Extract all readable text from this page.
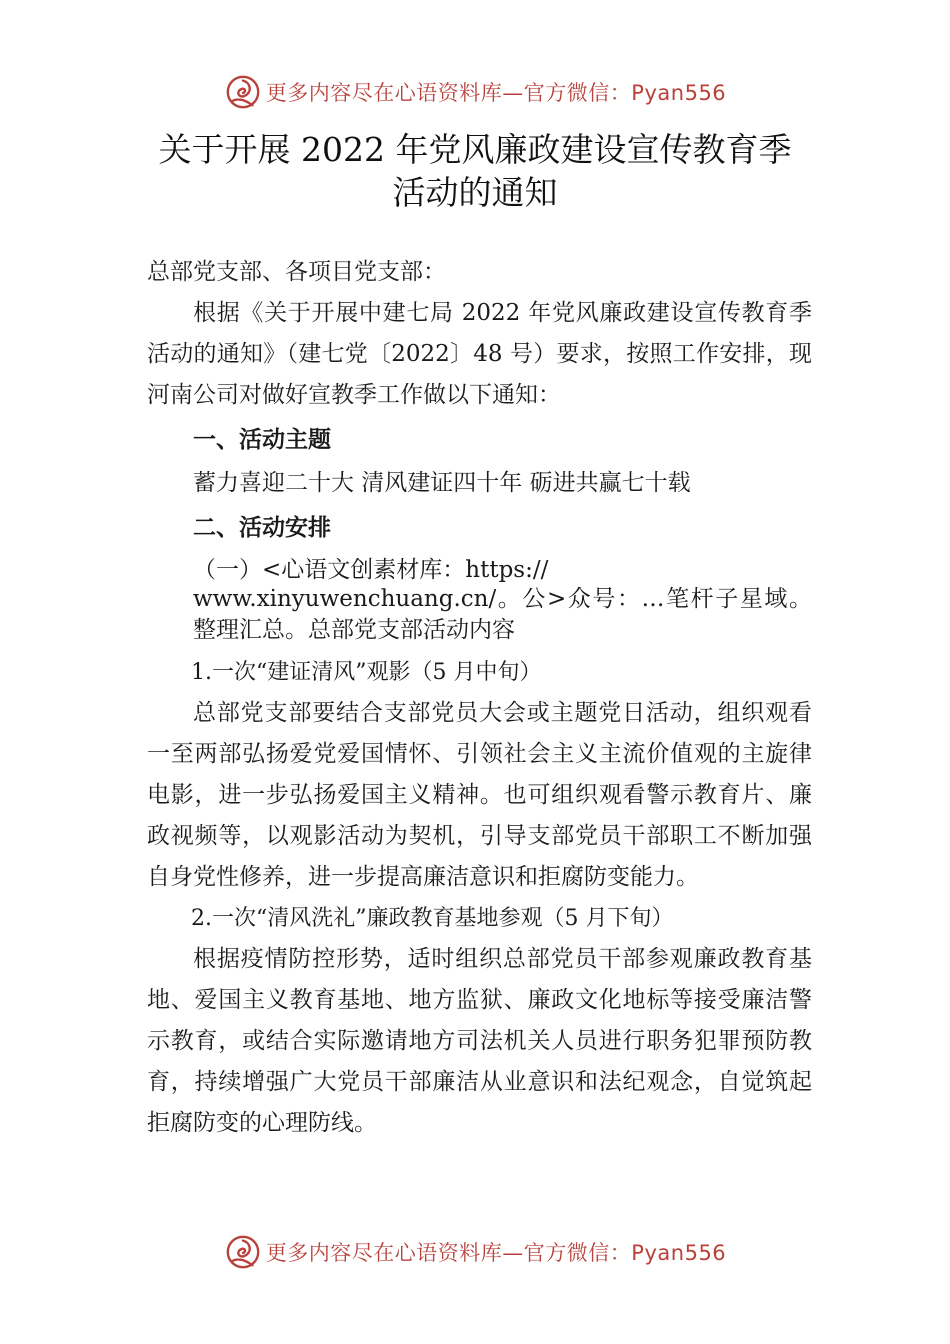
更多内容尽在心语资料库—官方微信：Pyan556
关于开展 2022 年党风廉政建设宣传教育季
活动的通知

总部党支部、各项目党支部：

根据《关于开展中建七局 2022 年党风廉政建设宣传教育季活动的通知》（建七党〔2022〕48 号）要求，按照工作安排，现河南公司对做好宣教季工作做以下通知：

一、活动主题

蓄力喜迎二十大 清风建证四十年 砺进共赢七十载

二、活动安排

（一）<心语文创素材库：https://

www.xinyuwenchuang.cn/。公>众号：…笔杆子星域。整理汇总。总部党支部活动内容

1.一次“建证清风”观影（5 月中旬）

总部党支部要结合支部党员大会或主题党日活动，组织观看一至两部弘扬爱党爱国情怀、引领社会主义主流价值观的主旋律电影，进一步弘扬爱国主义精神。也可组织观看警示教育片、廉政视频等，以观影活动为契机，引导支部党员干部职工不断加强自身党性修养，进一步提高廉洁意识和拒腐防变能力。

2.一次“清风洗礼”廉政教育基地参观（5 月下旬）

根据疫情防控形势，适时组织总部党员干部参观廉政教育基地、爱国主义教育基地、地方监狱、廉政文化地标等接受廉洁警示教育，或结合实际邀请地方司法机关人员进行职务犯罪预防教育，持续增强广大党员干部廉洁从业意识和法纪观念，自觉筑起拒腐防变的心理防线。

更多内容尽在心语资料库—官方微信：Pyan556
